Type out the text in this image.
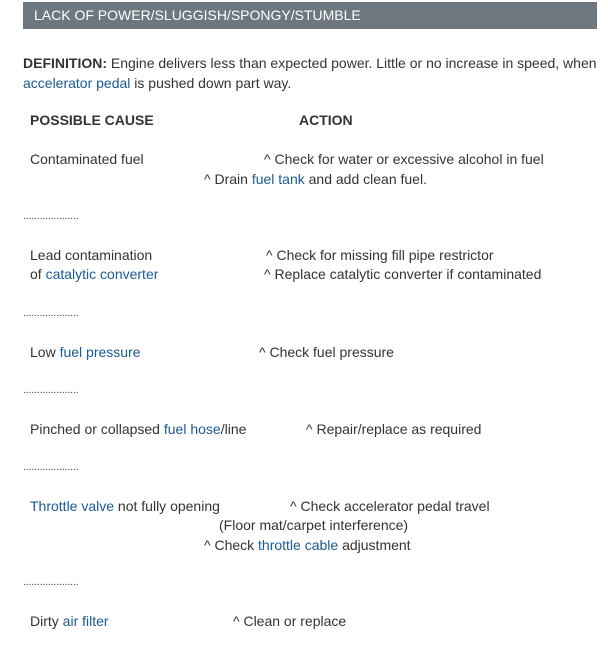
LACK OF POWER/SLUGGISH/SPONGY/STUMBLE
DEFINITION: Engine delivers less than expected power. Little or no increase in speed, when accelerator pedal is pushed down part way.
POSSIBLE CAUSE	ACTION
Contaminated fuel	^ Check for water or excessive alcohol in fuel
^ Drain fuel tank and add clean fuel.
....................
Lead contamination
of catalytic converter
^ Check for missing fill pipe restrictor
^ Replace catalytic converter if contaminated
....................
Low fuel pressure	^ Check fuel pressure
....................
Pinched or collapsed fuel hose/line	^ Repair/replace as required
....................
Throttle valve not fully opening	^ Check accelerator pedal travel
(Floor mat/carpet interference)
^ Check throttle cable adjustment
....................
Dirty air filter	^ Clean or replace
